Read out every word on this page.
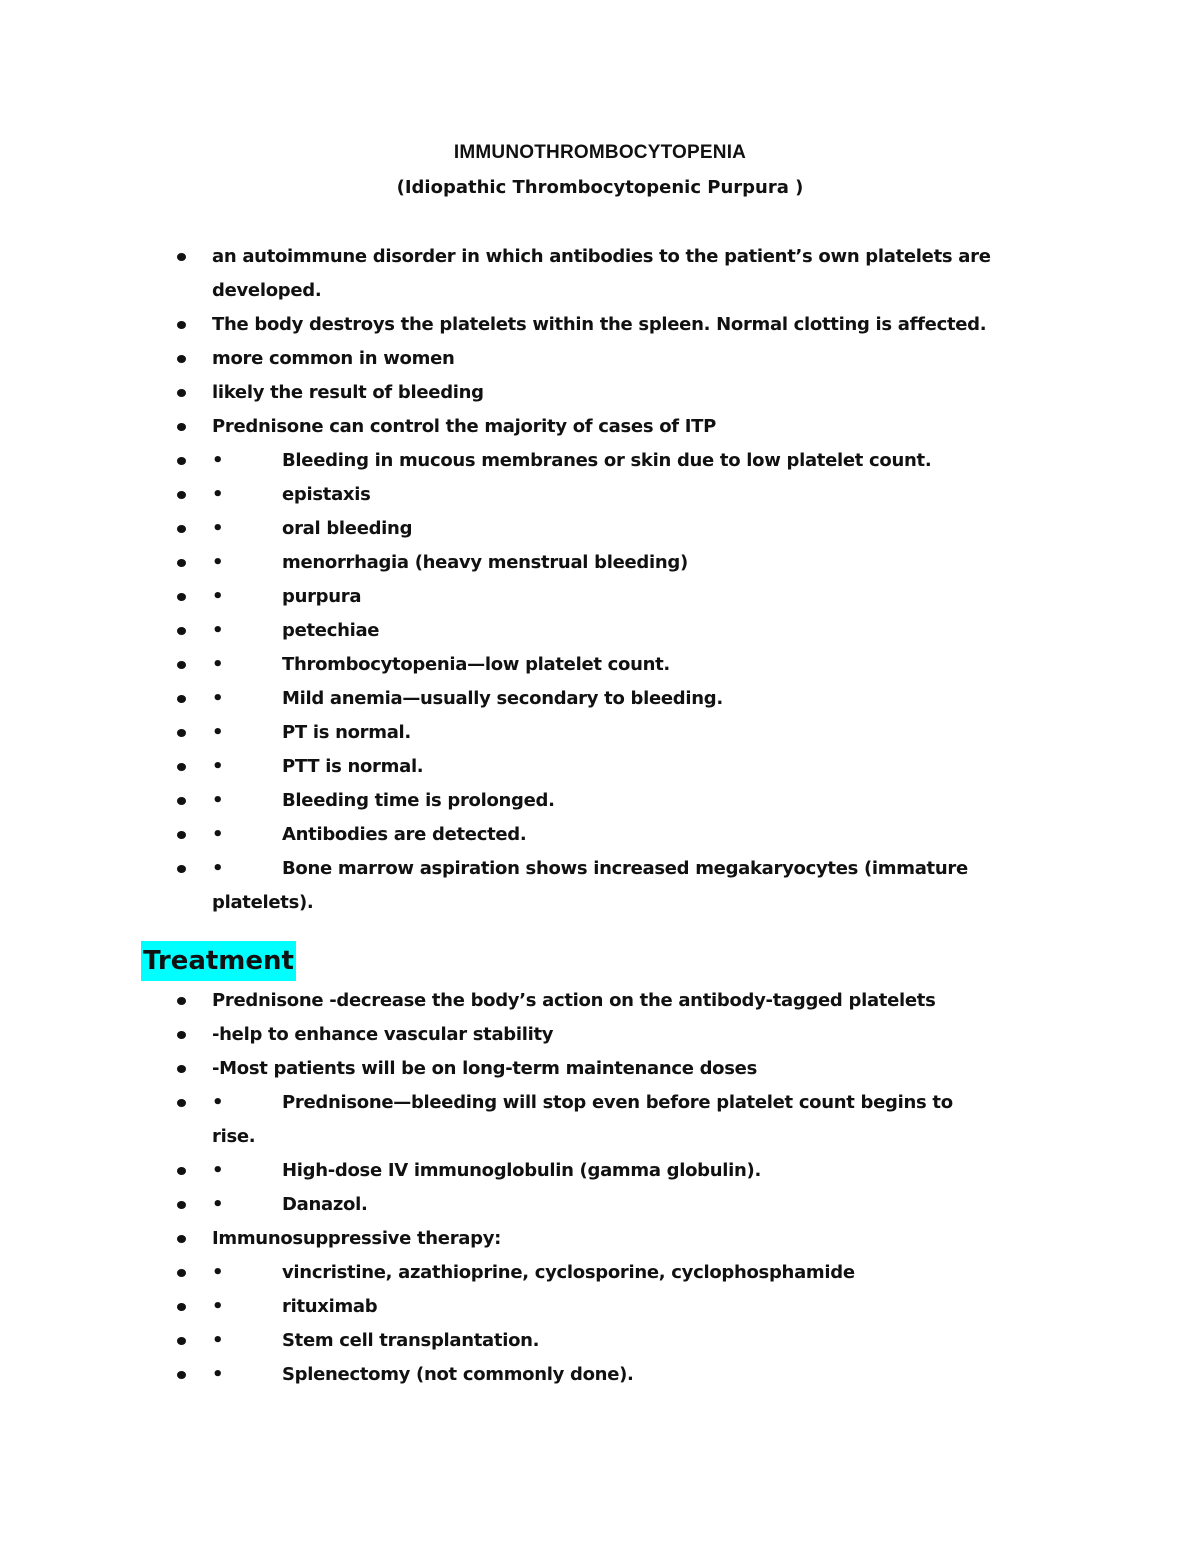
IMMUNOTHROMBOCYTOPENIA
(Idiopathic Thrombocytopenic Purpura )
an autoimmune disorder in which antibodies to the patient’s own platelets are developed.
The body destroys the platelets within the spleen. Normal clotting is affected.
more common in women
likely the result of bleeding
Prednisone can control the majority of cases of ITP
•	Bleeding in mucous membranes or skin due to low platelet count.
•	epistaxis
•	oral bleeding
•	menorrhagia (heavy menstrual bleeding)
•	purpura
•	petechiae
•	Thrombocytopenia—low platelet count.
•	Mild anemia—usually secondary to bleeding.
•	PT is normal.
•	PTT is normal.
•	Bleeding time is prolonged.
•	Antibodies are detected.
•	Bone marrow aspiration shows increased megakaryocytes (immature platelets).
Treatment
Prednisone -decrease the body’s action on the antibody-tagged platelets
-help to enhance vascular stability
-Most patients will be on long-term maintenance doses
•	Prednisone—bleeding will stop even before platelet count begins to rise.
•	High-dose IV immunoglobulin (gamma globulin).
•	Danazol.
Immunosuppressive therapy:
•	vincristine, azathioprine, cyclosporine, cyclophosphamide
•	rituximab
•	Stem cell transplantation.
•	Splenectomy (not commonly done).
